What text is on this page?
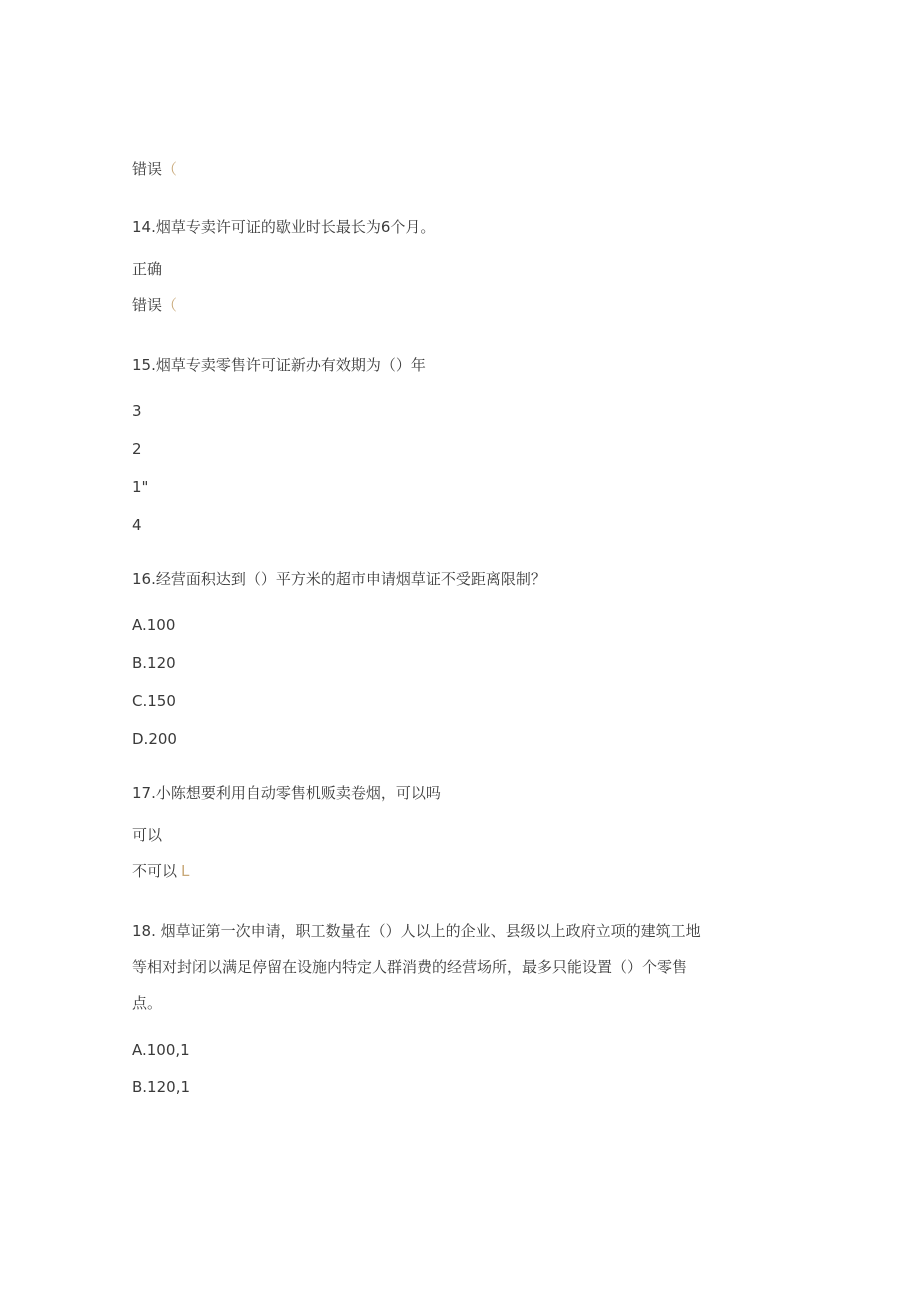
错误（
14.烟草专卖许可证的歇业时长最长为6个月。
正确
错误（
15.烟草专卖零售许可证新办有效期为（）年
3
2
1"
4
16.经营面积达到（）平方米的超市申请烟草证不受距离限制？
A.100
B.120
C.150
D.200
17.小陈想要利用自动零售机贩卖卷烟，可以吗
可以
不可以 L
18. 烟草证第一次申请，职工数量在（）人以上的企业、县级以上政府立项的建筑工地
等相对封闭以满足停留在设施内特定人群消费的经营场所，最多只能设置（）个零售
点。
A.100,1
B.120,1
